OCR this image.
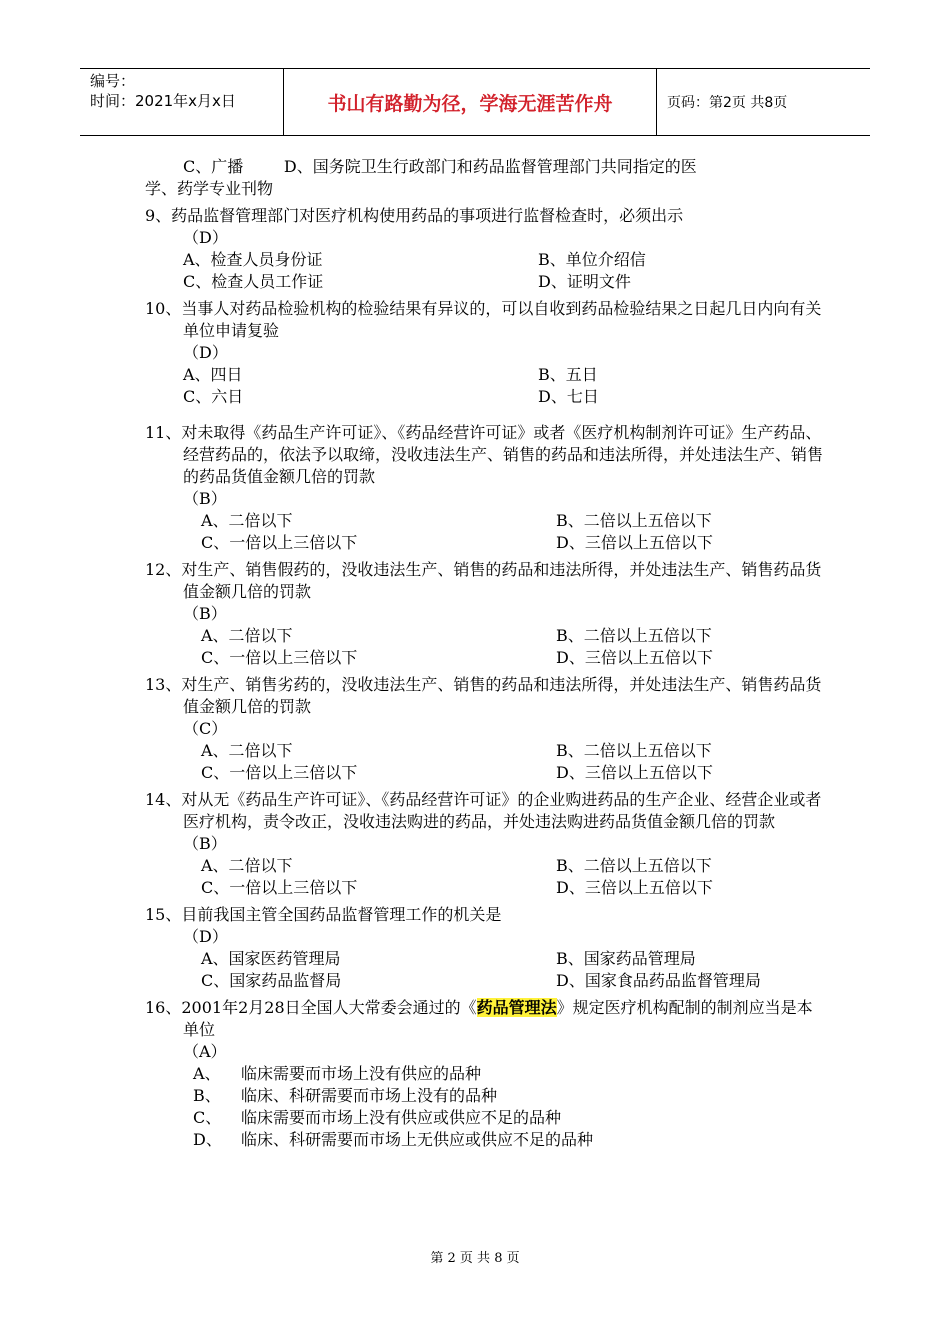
编号：
时间：2021年x月x日	书山有路勤为径，学海无涯苦作舟	页码：第2页 共8页
C、广播        D、国务院卫生行政部门和药品监督管理部门共同指定的医
学、药学专业刊物
9、药品监督管理部门对医疗机构使用药品的事项进行监督检查时，必须出示
（D）
A、检查人员身份证	B、单位介绍信
C、检查人员工作证	D、证明文件
10、当事人对药品检验机构的检验结果有异议的，可以自收到药品检验结果之日起几日内向有关单位申请复验
（D）
A、四日	B、五日
C、六日	D、七日
11、对未取得《药品生产许可证》、《药品经营许可证》或者《医疗机构制剂许可证》生产药品、经营药品的，依法予以取缔，没收违法生产、销售的药品和违法所得，并处违法生产、销售的药品货值金额几倍的罚款
（B）
A、二倍以下	B、二倍以上五倍以下
C、一倍以上三倍以下	D、三倍以上五倍以下
12、对生产、销售假药的，没收违法生产、销售的药品和违法所得，并处违法生产、销售药品货值金额几倍的罚款
（B）
A、二倍以下	B、二倍以上五倍以下
C、一倍以上三倍以下	D、三倍以上五倍以下
13、对生产、销售劣药的，没收违法生产、销售的药品和违法所得，并处违法生产、销售药品货值金额几倍的罚款
（C）
A、二倍以下	B、二倍以上五倍以下
C、一倍以上三倍以下	D、三倍以上五倍以下
14、对从无《药品生产许可证》、《药品经营许可证》的企业购进药品的生产企业、经营企业或者医疗机构，责令改正，没收违法购进的药品，并处违法购进药品货值金额几倍的罚款
（B）
A、二倍以下	B、二倍以上五倍以下
C、一倍以上三倍以下	D、三倍以上五倍以下
15、目前我国主管全国药品监督管理工作的机关是
（D）
A、国家医药管理局	B、国家药品管理局
C、国家药品监督局	D、国家食品药品监督管理局
16、2001年2月28日全国人大常委会通过的《药品管理法》规定医疗机构配制的制剂应当是本单位
（A）
A、 临床需要而市场上没有供应的品种
B、 临床、科研需要而市场上没有的品种
C、 临床需要而市场上没有供应或供应不足的品种
D、 临床、科研需要而市场上无供应或供应不足的品种
第 2 页 共 8 页
